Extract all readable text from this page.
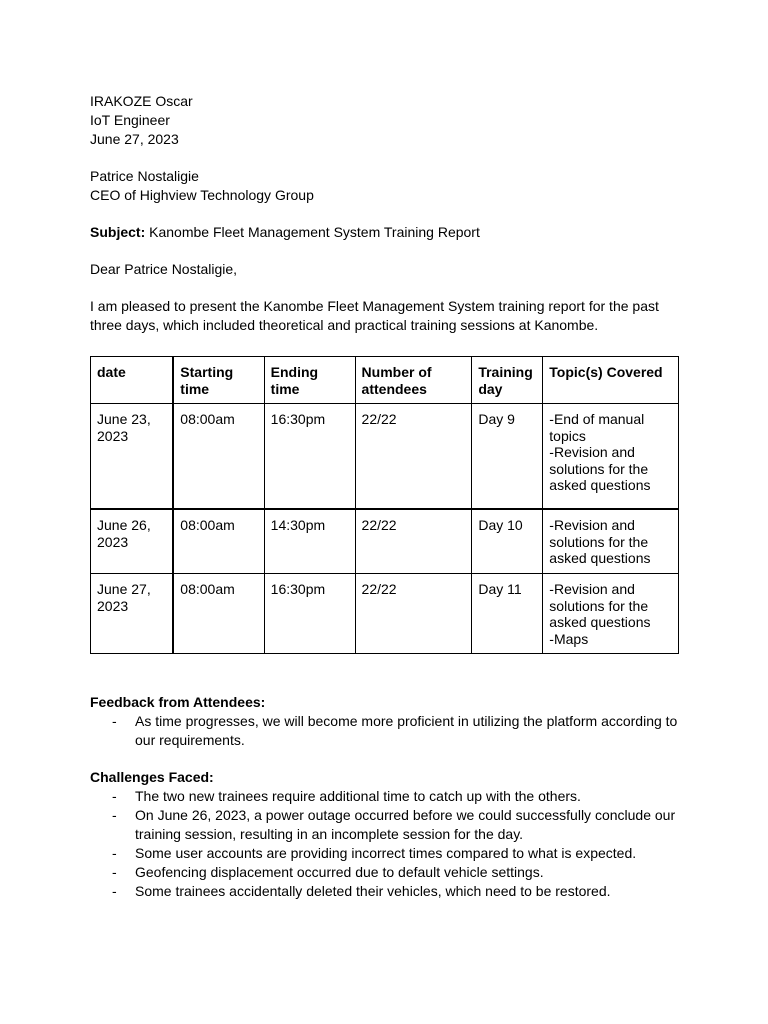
IRAKOZE Oscar
IoT Engineer
June 27, 2023
Patrice Nostaligie
CEO of Highview Technology Group
Subject: Kanombe Fleet Management System Training Report
Dear Patrice Nostaligie,

I am pleased to present the Kanombe Fleet Management System training report for the past three days, which included theoretical and practical training sessions at Kanombe.

date	Starting time	Ending time	Number of attendees	Training day	Topic(s) Covered
June 23, 2023	08:00am	16:30pm	22/22	Day 9	-End of manual topics
-Revision and solutions for the asked questions
June 26, 2023	08:00am	14:30pm	22/22	Day 10	-Revision and solutions for the asked questions
June 27, 2023	08:00am	16:30pm	22/22	Day 11	-Revision and solutions for the asked questions
-Maps
Feedback from Attendees:
- As time progresses, we will become more proficient in utilizing the platform according to our requirements.
Challenges Faced:
- The two new trainees require additional time to catch up with the others.
- On June 26, 2023, a power outage occurred before we could successfully conclude our training session, resulting in an incomplete session for the day.
- Some user accounts are providing incorrect times compared to what is expected.
- Geofencing displacement occurred due to default vehicle settings.
- Some trainees accidentally deleted their vehicles, which need to be restored.
